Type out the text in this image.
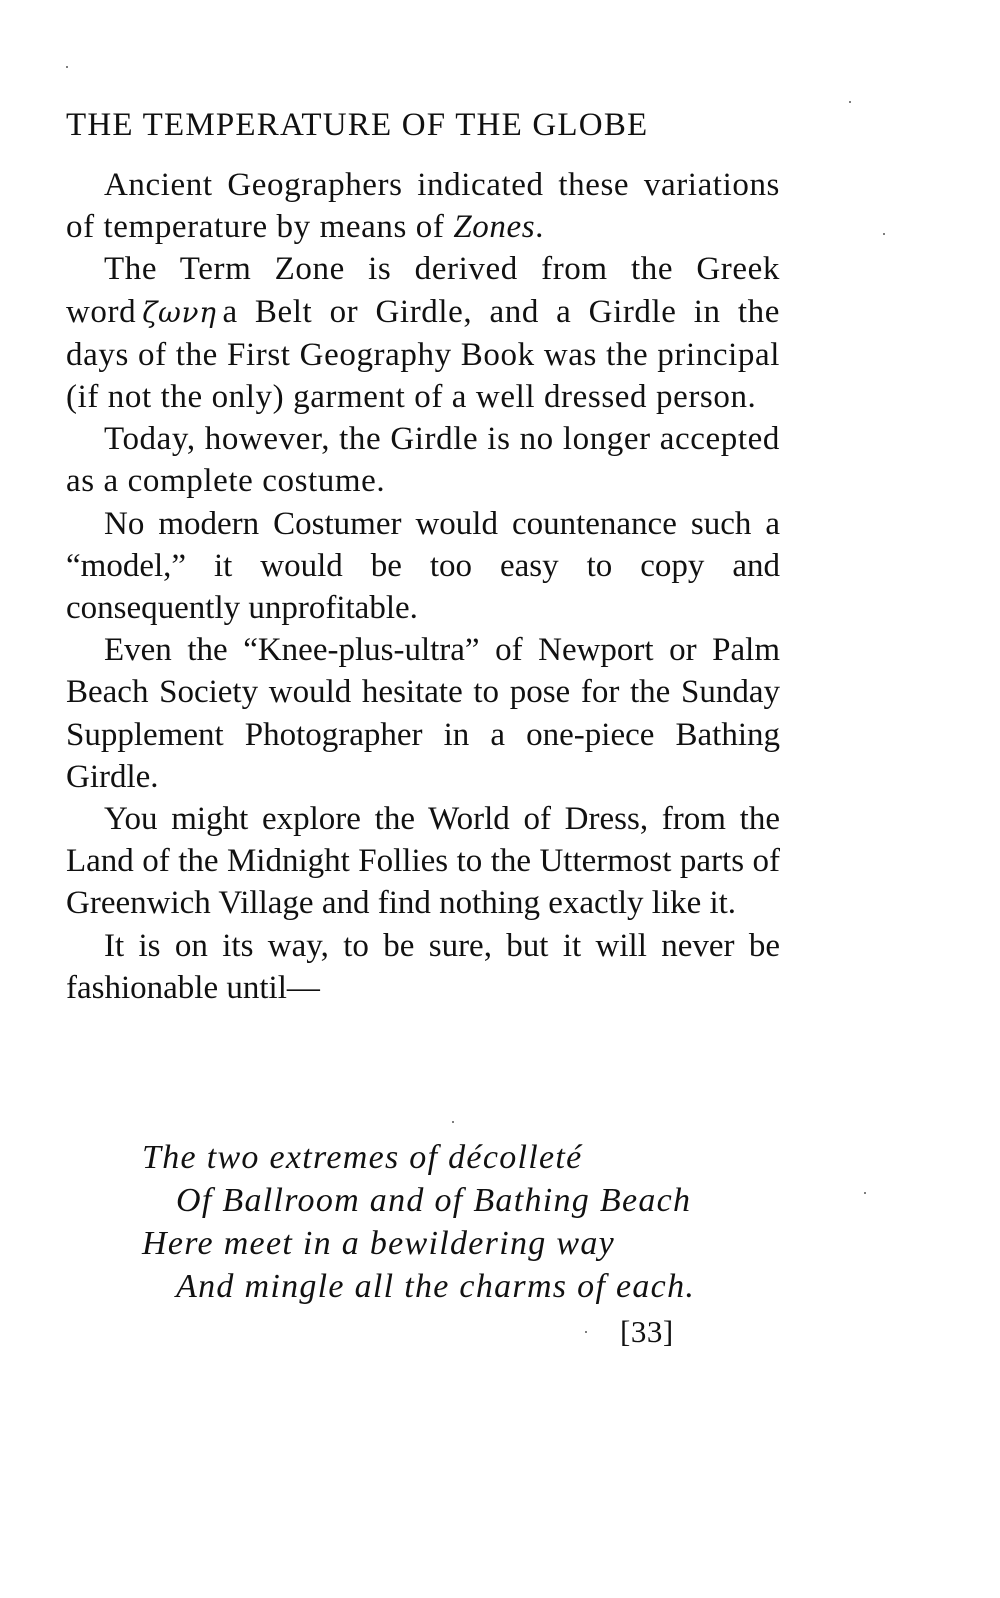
THE TEMPERATURE OF THE GLOBE

Ancient Geographers indicated these variations of temperature by means of Zones.

The Term Zone is derived from the Greek word ζωνη a Belt or Girdle, and a Girdle in the days of the First Geography Book was the principal (if not the only) garment of a well dressed person.

Today, however, the Girdle is no longer accepted as a complete costume.

No modern Costumer would countenance such a “model,” it would be too easy to copy and consequently unprofitable.

Even the “Knee-plus-ultra” of Newport or Palm Beach Society would hesitate to pose for the Sunday Supplement Photographer in a one-piece Bathing Girdle.

You might explore the World of Dress, from the Land of the Midnight Follies to the Uttermost parts of Greenwich Village and find nothing exactly like it.

It is on its way, to be sure, but it will never be fashionable until—

The two extremes of décolleté
Of Ballroom and of Bathing Beach
Here meet in a bewildering way
And mingle all the charms of each.
[33]
